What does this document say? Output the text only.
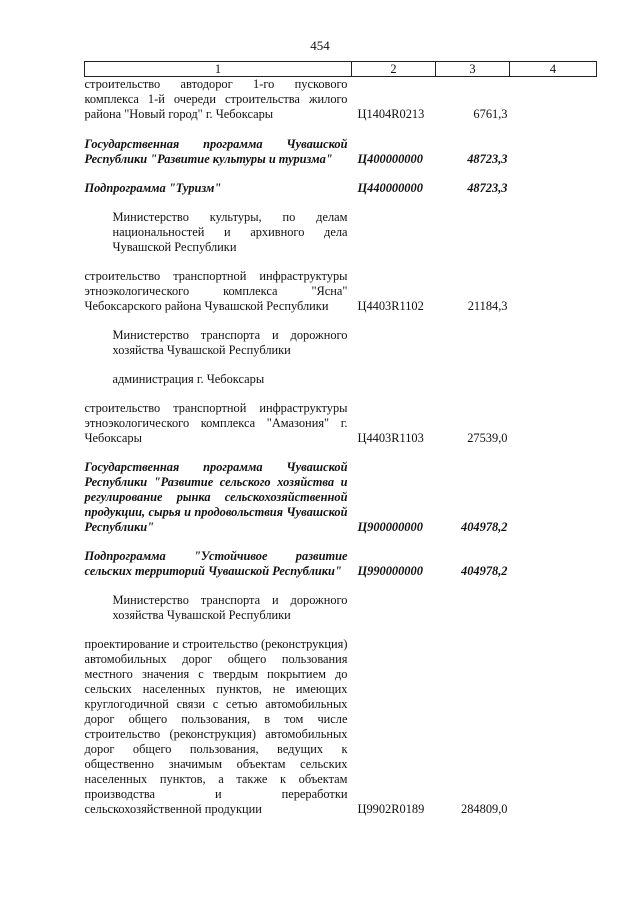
454
1	2	3	4

строительство автодорог 1-го пускового комплекса 1-й очереди строительства жилого района "Новый город" г. Чебоксары	Ц1404R0213	6761,3	

Государственная программа Чувашской Республики "Развитие культуры и туризма"	Ц400000000	48723,3	

Подпрограмма "Туризм"	Ц440000000	48723,3	

Министерство культуры, по делам национальностей и архивного дела Чувашской Республики			

строительство транспортной инфраструктуры этноэкологического комплекса "Ясна" Чебоксарского района Чувашской Республики	Ц4403R1102	21184,3	

Министерство транспорта и дорожного хозяйства Чувашской Республики			

администрация г. Чебоксары			

строительство транспортной инфраструктуры этноэкологического комплекса "Амазония" г. Чебоксары	Ц4403R1103	27539,0	

Государственная программа Чувашской Республики "Развитие сельского хозяйства и регулирование рынка сельскохозяйственной продукции, сырья и продовольствия Чувашской Республики"	Ц900000000	404978,2	

Подпрограмма "Устойчивое развитие сельских территорий Чувашской Республики"	Ц990000000	404978,2	

Министерство транспорта и дорожного хозяйства Чувашской Республики			

проектирование и строительство (реконструкция) автомобильных дорог общего пользования местного значения с твердым покрытием до сельских населенных пунктов, не имеющих круглогодичной связи с сетью автомобильных дорог общего пользования, в том числе строительство (реконструкция) автомобильных дорог общего пользования, ведущих к общественно значимым объектам сельских населенных пунктов, а также к объектам производства и переработки сельскохозяйственной продукции	Ц9902R0189	284809,0	
